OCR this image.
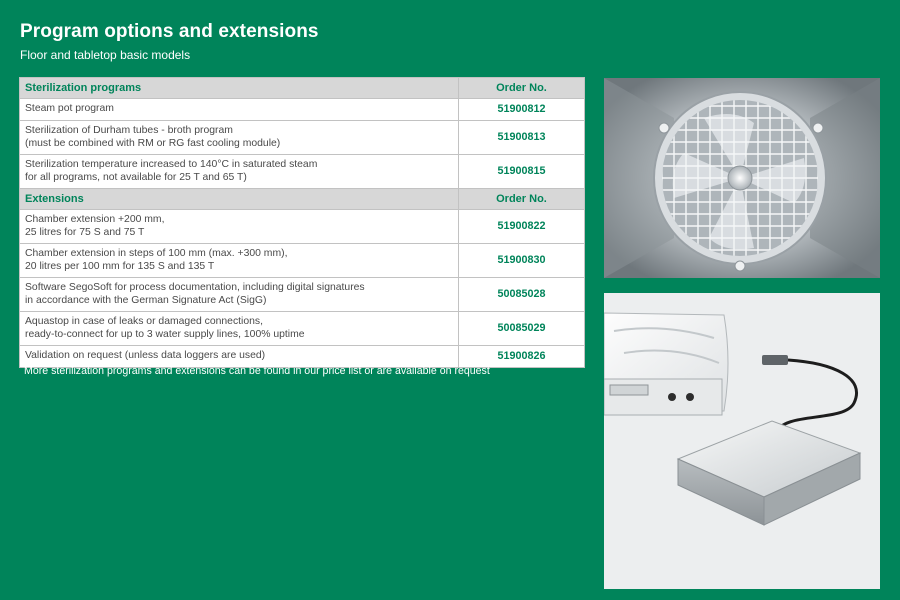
Program options and extensions
Floor and tabletop basic models
Sterilization programs	Order No.
Steam pot program	51900812
Sterilization of Durham tubes - broth program
(must be combined with RM or RG fast cooling module)	51900813
Sterilization temperature increased to 140°C in saturated steam
for all programs, not available for 25 T and 65 T)	51900815
Extensions	Order No.
Chamber extension +200 mm,
25 litres for 75 S and 75 T	51900822
Chamber extension in steps of 100 mm (max. +300 mm),
20 litres per 100 mm for 135 S and 135 T	51900830
Software SegoSoft for process documentation, including digital signatures
in accordance with the German Signature Act (SigG)	50085028
Aquastop in case of leaks or damaged connections,
ready-to-connect for up to 3 water supply lines, 100% uptime	50085029
Validation on request (unless data loggers are used)	51900826
More sterilization programs and extensions can be found in our price list or are available on request
